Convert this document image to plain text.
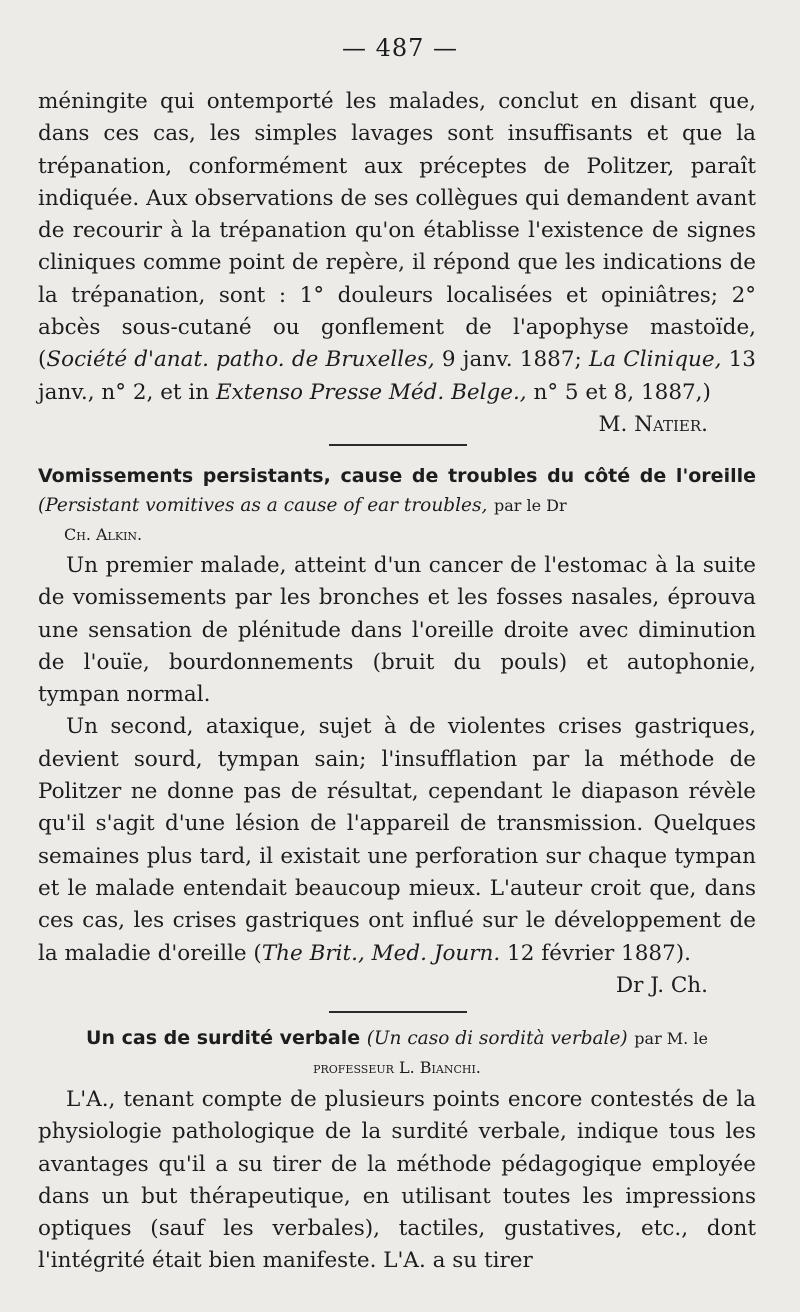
— 487 —

méningite qui ontemporté les malades, conclut en disant que, dans ces cas, les simples lavages sont insuffisants et que la trépanation, conformément aux préceptes de Politzer, paraît indiquée. Aux observations de ses collègues qui demandent avant de recourir à la trépanation qu'on établisse l'existence de signes cliniques comme point de repère, il répond que les indications de la trépanation, sont : 1° douleurs localisées et opiniâtres; 2° abcès sous-cutané ou gonflement de l'apophyse mastoïde, (Société d'anat. patho. de Bruxelles, 9 janv. 1887; La Clinique, 13 janv., n° 2, et in Extenso Presse Méd. Belge., n° 5 et 8, 1887,)
M. Natier.

Vomissements persistants, cause de troubles du côté de l'oreille (Persistant vomitives as a cause of ear troubles, par le Dr
Ch. Alkin.

Un premier malade, atteint d'un cancer de l'estomac à la suite de vomissements par les bronches et les fosses nasales, éprouva une sensation de plénitude dans l'oreille droite avec diminution de l'ouïe, bourdonnements (bruit du pouls) et autophonie, tympan normal.

Un second, ataxique, sujet à de violentes crises gastriques, devient sourd, tympan sain; l'insufflation par la méthode de Politzer ne donne pas de résultat, cependant le diapason révèle qu'il s'agit d'une lésion de l'appareil de transmission. Quelques semaines plus tard, il existait une perforation sur chaque tympan et le malade entendait beaucoup mieux. L'auteur croit que, dans ces cas, les crises gastriques ont influé sur le développement de la maladie d'oreille (The Brit., Med. Journ. 12 février 1887).
Dr J. Ch.

Un cas de surdité verbale (Un caso di sordità verbale) par M. le
professeur L. Bianchi.

L'A., tenant compte de plusieurs points encore contestés de la physiologie pathologique de la surdité verbale, indique tous les avantages qu'il a su tirer de la méthode pédagogique employée dans un but thérapeutique, en utilisant toutes les impressions optiques (sauf les verbales), tactiles, gustatives, etc., dont l'intégrité était bien manifeste. L'A. a su tirer
